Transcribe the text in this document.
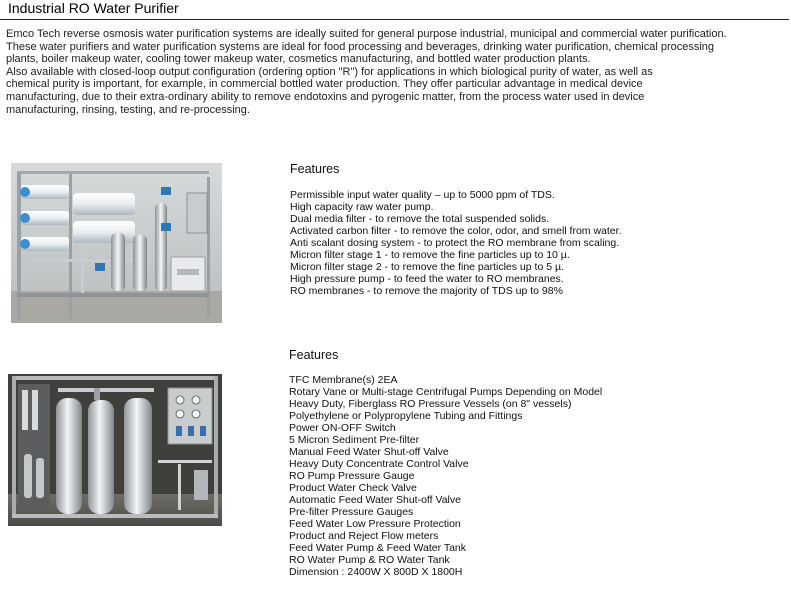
Industrial RO Water Purifier

Emco Tech reverse osmosis water purification systems are ideally suited for general purpose industrial, municipal and commercial water purification.

These water purifiers and water purification systems are ideal for food processing and beverages, drinking water purification, chemical processing

plants, boiler makeup water, cooling tower makeup water, cosmetics manufacturing, and bottled water production plants.

Also available with closed-loop output configuration (ordering option "R") for applications in which biological purity of water, as well as

chemical purity is important, for example, in commercial bottled water production. They offer particular advantage in medical device

manufacturing, due to their extra-ordinary ability to remove endotoxins and pyrogenic matter, from the process water used in device

manufacturing, rinsing, testing, and re-processing.

Features
Permissible input water quality – up to 5000 ppm of TDS.
High capacity raw water pump.
Dual media filter - to remove the total suspended solids.
Activated carbon filter - to remove the color, odor, and smell from water.
Anti scalant dosing system - to protect the RO membrane from scaling.
Micron filter stage 1 - to remove the fine particles up to 10 µ.
Micron filter stage 2 - to remove the fine particles up to 5 µ.
High pressure pump - to feed the water to RO membranes.
RO membranes - to remove the majority of TDS up to 98%
Features
TFC Membrane(s) 2EA
Rotary Vane or Multi-stage Centrifugal Pumps Depending on Model
Heavy Duty, Fiberglass RO Pressure Vessels (on 8" vessels)
Polyethylene or Polypropylene Tubing and Fittings
Power ON-OFF Switch
5 Micron Sediment Pre-filter
Manual Feed Water Shut-off Valve
Heavy Duty Concentrate Control Valve
RO Pump Pressure Gauge
Product Water Check Valve
Automatic Feed Water Shut-off Valve
Pre-filter Pressure Gauges
Feed Water Low Pressure Protection
Product and Reject Flow meters
Feed Water Pump & Feed Water Tank
RO Water Pump & RO Water Tank
Dimension : 2400W X 800D X 1800H
